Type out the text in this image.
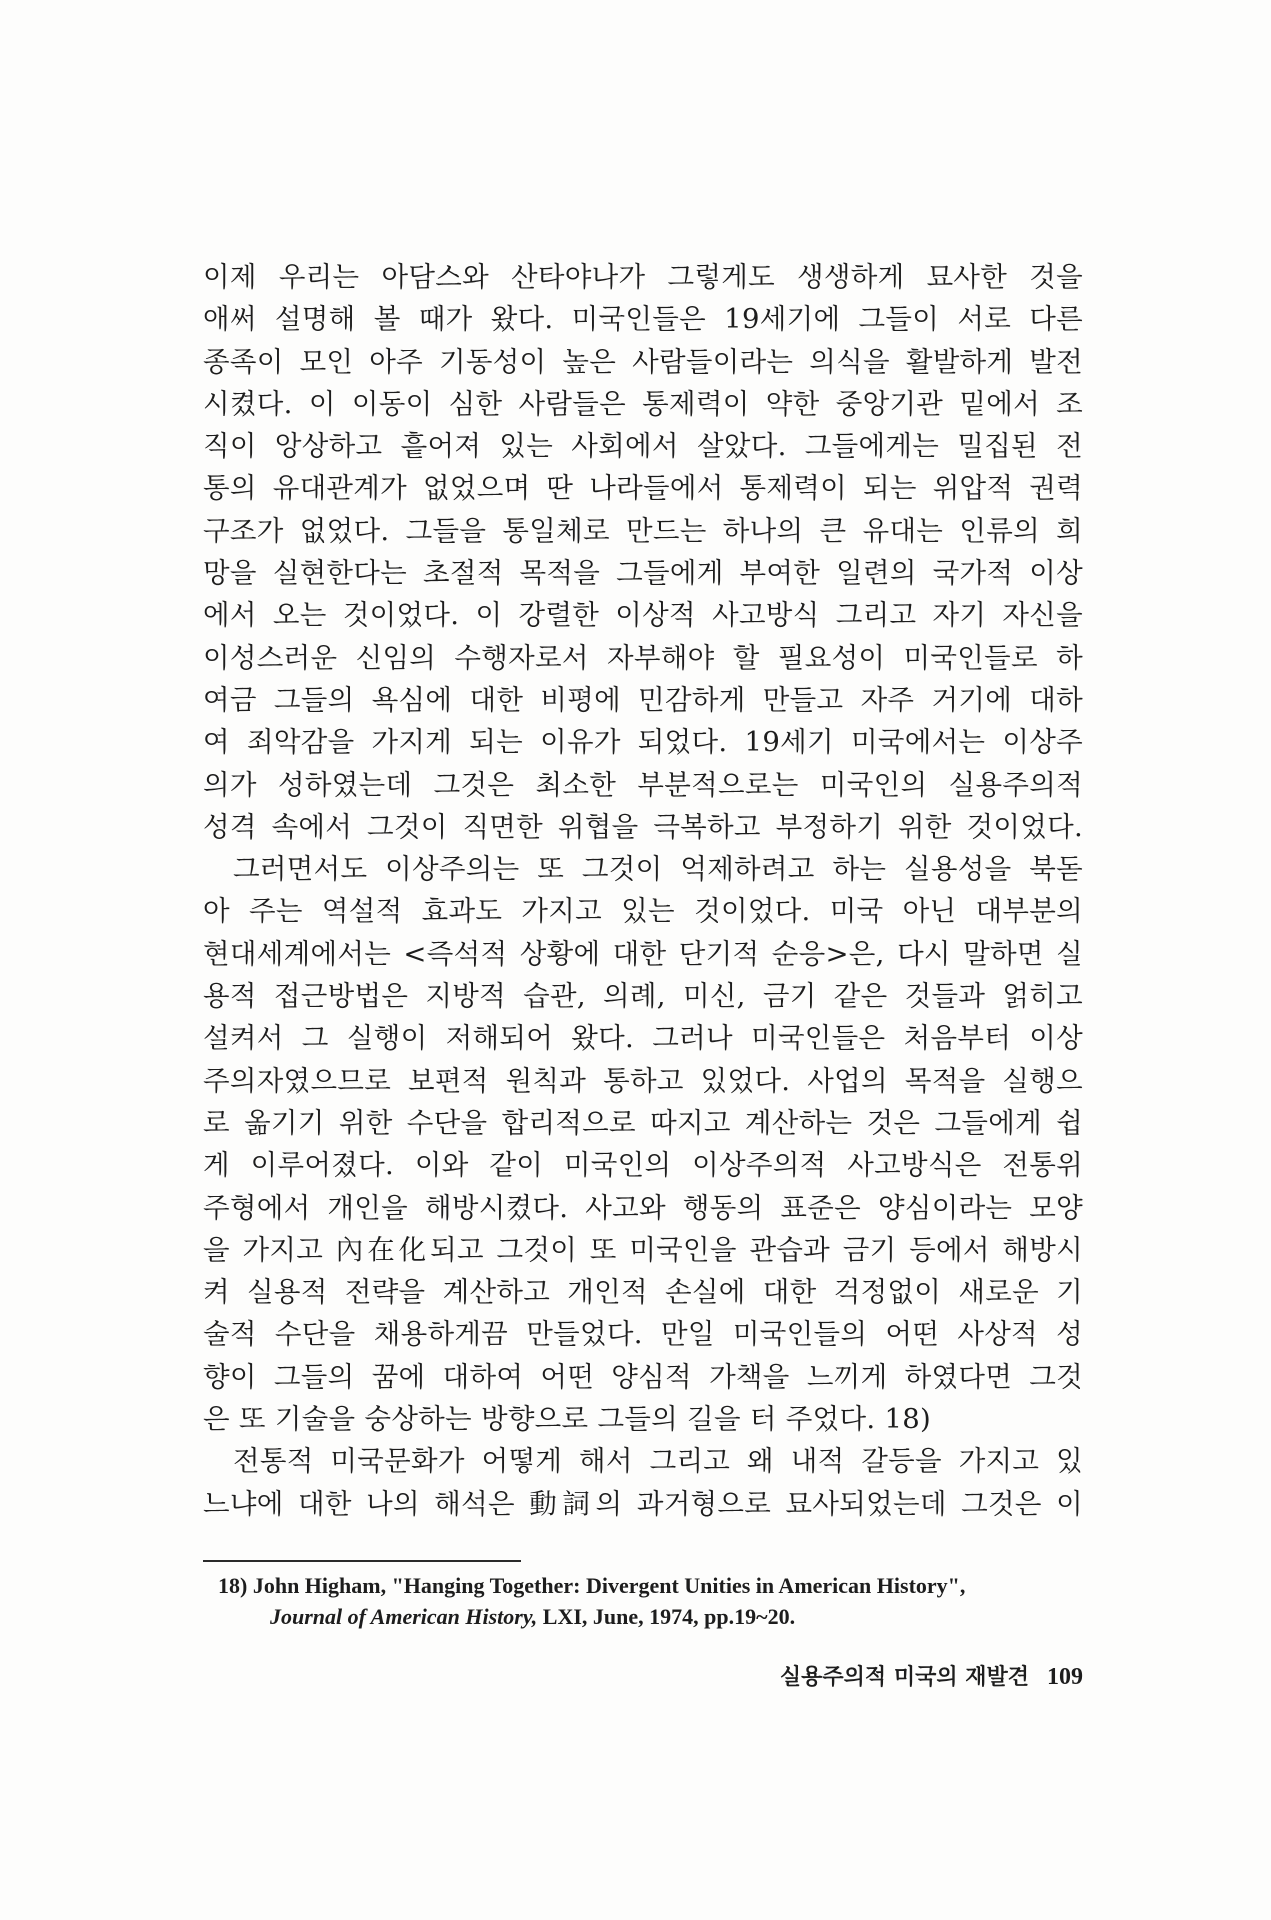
이제 우리는 아담스와 산타야나가 그렇게도 생생하게 묘사한 것을
애써 설명해 볼 때가 왔다. 미국인들은 19세기에 그들이 서로 다른
종족이 모인 아주 기동성이 높은 사람들이라는 의식을 활발하게 발전
시켰다. 이 이동이 심한 사람들은 통제력이 약한 중앙기관 밑에서 조
직이 앙상하고 흩어져 있는 사회에서 살았다. 그들에게는 밀집된 전
통의 유대관계가 없었으며 딴 나라들에서 통제력이 되는 위압적 권력
구조가 없었다. 그들을 통일체로 만드는 하나의 큰 유대는 인류의 희
망을 실현한다는 초절적 목적을 그들에게 부여한 일련의 국가적 이상
에서 오는 것이었다. 이 강렬한 이상적 사고방식 그리고 자기 자신을
이성스러운 신임의 수행자로서 자부해야 할 필요성이 미국인들로 하
여금 그들의 욕심에 대한 비평에 민감하게 만들고 자주 거기에 대하
여 죄악감을 가지게 되는 이유가 되었다. 19세기 미국에서는 이상주
의가 성하였는데 그것은 최소한 부분적으로는 미국인의 실용주의적
성격 속에서 그것이 직면한 위협을 극복하고 부정하기 위한 것이었다.

그러면서도 이상주의는 또 그것이 억제하려고 하는 실용성을 북돋
아 주는 역설적 효과도 가지고 있는 것이었다. 미국 아닌 대부분의
현대세계에서는 <즉석적 상황에 대한 단기적 순응>은, 다시 말하면 실
용적 접근방법은 지방적 습관, 의례, 미신, 금기 같은 것들과 얽히고
설켜서 그 실행이 저해되어 왔다. 그러나 미국인들은 처음부터 이상
주의자였으므로 보편적 원칙과 통하고 있었다. 사업의 목적을 실행으
로 옮기기 위한 수단을 합리적으로 따지고 계산하는 것은 그들에게 쉽
게 이루어졌다. 이와 같이 미국인의 이상주의적 사고방식은 전통위
주형에서 개인을 해방시켰다. 사고와 행동의 표준은 양심이라는 모양
을 가지고 內在化되고 그것이 또 미국인을 관습과 금기 등에서 해방시
켜 실용적 전략을 계산하고 개인적 손실에 대한 걱정없이 새로운 기
술적 수단을 채용하게끔 만들었다. 만일 미국인들의 어떤 사상적 성
향이 그들의 꿈에 대하여 어떤 양심적 가책을 느끼게 하였다면 그것
은 또 기술을 숭상하는 방향으로 그들의 길을 터 주었다. 18)

전통적 미국문화가 어떻게 해서 그리고 왜 내적 갈등을 가지고 있
느냐에 대한 나의 해석은 動詞의 과거형으로 묘사되었는데 그것은 이

18) John Higham, "Hanging Together: Divergent Unities in American History",
Journal of American History, LXI, June, 1974, pp.19~20.
실용주의적 미국의 재발견 109
